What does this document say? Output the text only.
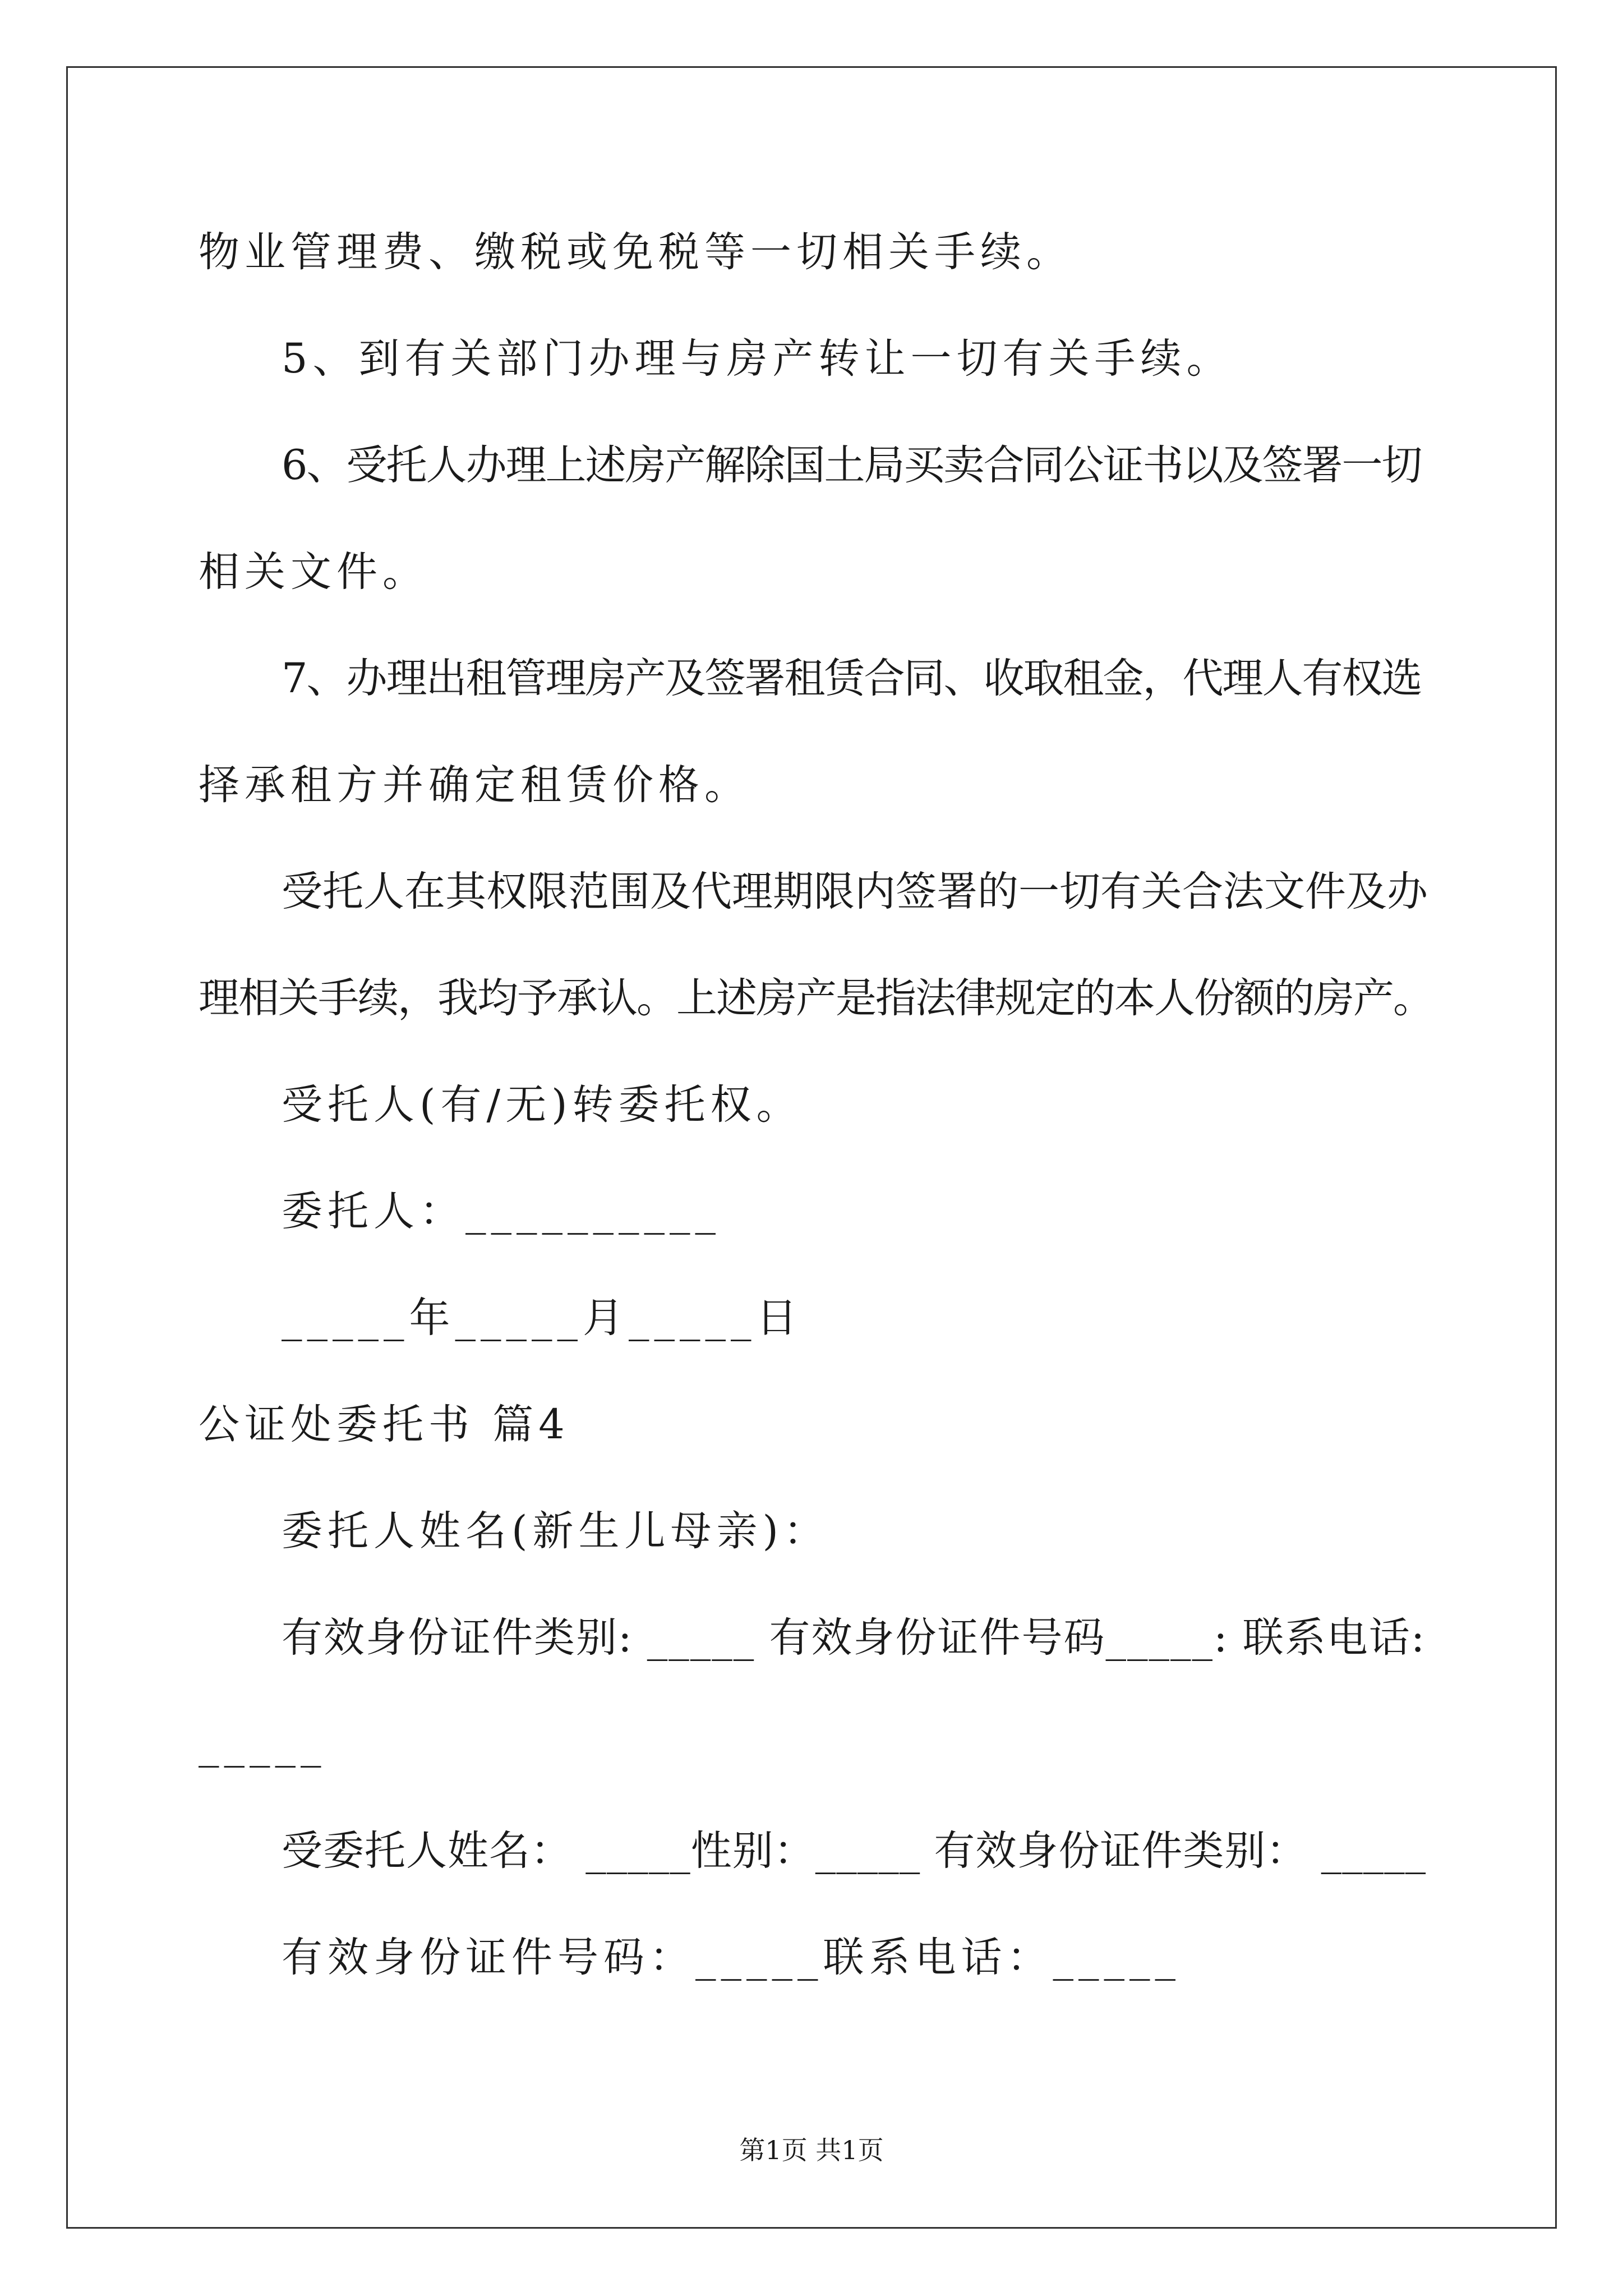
物业管理费、缴税或免税等一切相关手续。
5、到有关部门办理与房产转让一切有关手续。
6、受托人办理上述房产解除国土局买卖合同公证书以及签署一切
相关文件。
7、办理出租管理房产及签署租赁合同、收取租金，代理人有权选
择承租方并确定租赁价格。
受托人在其权限范围及代理期限内签署的一切有关合法文件及办
理相关手续，我均予承认。上述房产是指法律规定的本人份额的房产。
受托人(有/无)转委托权。
委托人：__________
_____年_____月_____日
公证处委托书 篇4
委托人姓名(新生儿母亲)：
有效身份证件类别: _____ 有效身份证件号码_____: 联系电话:
_____
受委托人姓名： _____性别：_____ 有效身份证件类别： _____
有效身份证件号码：_____联系电话：_____
第1页 共1页
